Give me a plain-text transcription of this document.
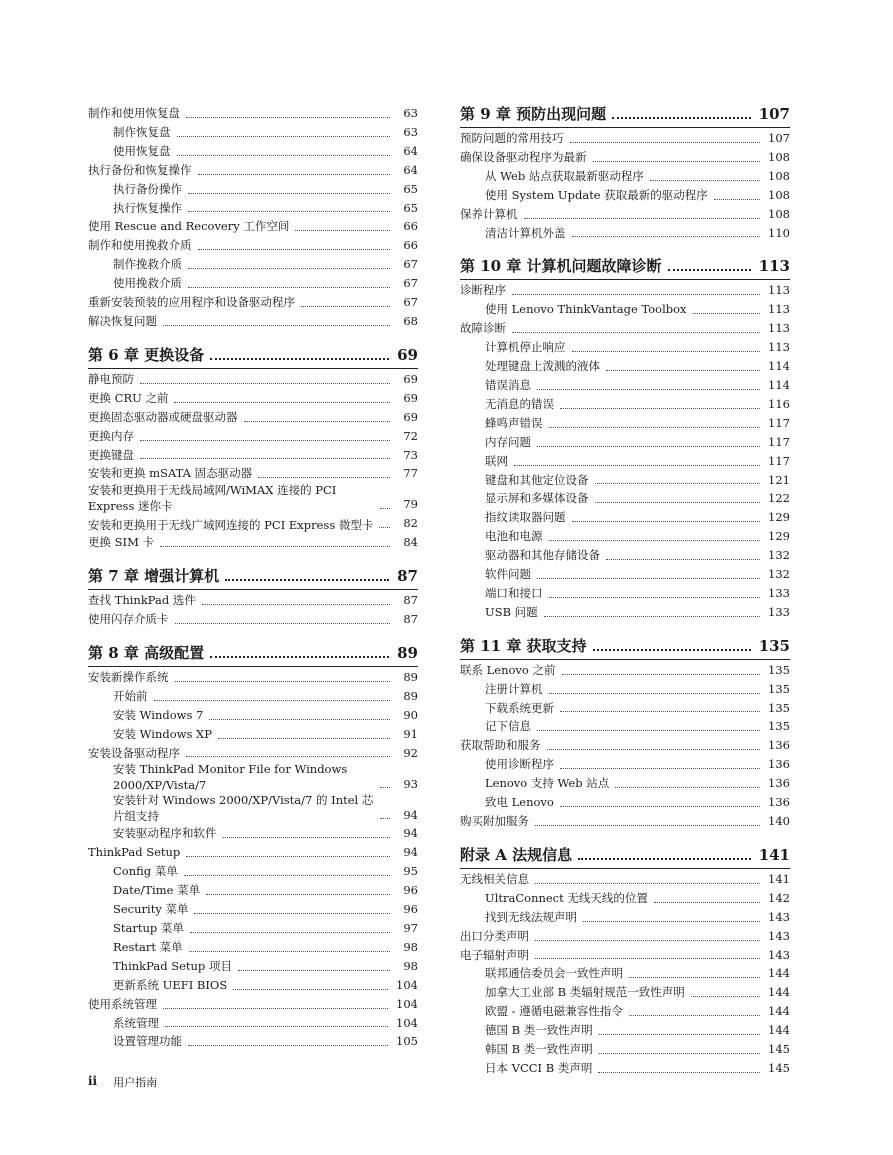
制作和使用恢复盘	63
制作恢复盘	63
使用恢复盘	64
执行备份和恢复操作	64
执行备份操作	65
执行恢复操作	65
使用 Rescue and Recovery 工作空间	66
制作和使用挽救介质	66
制作挽救介质	67
使用挽救介质	67
重新安装预装的应用程序和设备驱动程序	67
解决恢复问题	68
第 6 章 更换设备	69
静电预防	69
更换 CRU 之前	69
更换固态驱动器或硬盘驱动器	69
更换内存	72
更换键盘	73
安装和更换 mSATA 固态驱动器	77
安装和更换用于无线局域网/WiMAX 连接的 PCI Express 迷你卡	79
安装和更换用于无线广域网连接的 PCI Express 微型卡	82
更换 SIM 卡	84
第 7 章 增强计算机	87
查找 ThinkPad 选件	87
使用闪存介质卡	87
第 8 章 高级配置	89
安装新操作系统	89
开始前	89
安装 Windows 7	90
安装 Windows XP	91
安装设备驱动程序	92
安装 ThinkPad Monitor File for Windows 2000/XP/Vista/7	93
安装针对 Windows 2000/XP/Vista/7 的 Intel 芯片组支持	94
安装驱动程序和软件	94
ThinkPad Setup	94
Config 菜单	95
Date/Time 菜单	96
Security 菜单	96
Startup 菜单	97
Restart 菜单	98
ThinkPad Setup 项目	98
更新系统 UEFI BIOS	104
使用系统管理	104
系统管理	104
设置管理功能	105
第 9 章 预防出现问题	107
预防问题的常用技巧	107
确保设备驱动程序为最新	108
从 Web 站点获取最新驱动程序	108
使用 System Update 获取最新的驱动程序	108
保养计算机	108
清洁计算机外盖	110
第 10 章 计算机问题故障诊断	113
诊断程序	113
使用 Lenovo ThinkVantage Toolbox	113
故障诊断	113
计算机停止响应	113
处理键盘上泼溅的液体	114
错误消息	114
无消息的错误	116
蜂鸣声错误	117
内存问题	117
联网	117
键盘和其他定位设备	121
显示屏和多媒体设备	122
指纹读取器问题	129
电池和电源	129
驱动器和其他存储设备	132
软件问题	132
端口和接口	133
USB 问题	133
第 11 章 获取支持	135
联系 Lenovo 之前	135
注册计算机	135
下载系统更新	135
记下信息	135
获取帮助和服务	136
使用诊断程序	136
Lenovo 支持 Web 站点	136
致电 Lenovo	136
购买附加服务	140
附录 A 法规信息	141
无线相关信息	141
UltraConnect 无线天线的位置	142
找到无线法规声明	143
出口分类声明	143
电子辐射声明	143
联邦通信委员会一致性声明	144
加拿大工业部 B 类辐射规范一致性声明	144
欧盟 - 遵循电磁兼容性指令	144
德国 B 类一致性声明	144
韩国 B 类一致性声明	145
日本 VCCI B 类声明	145
ii 用户指南
